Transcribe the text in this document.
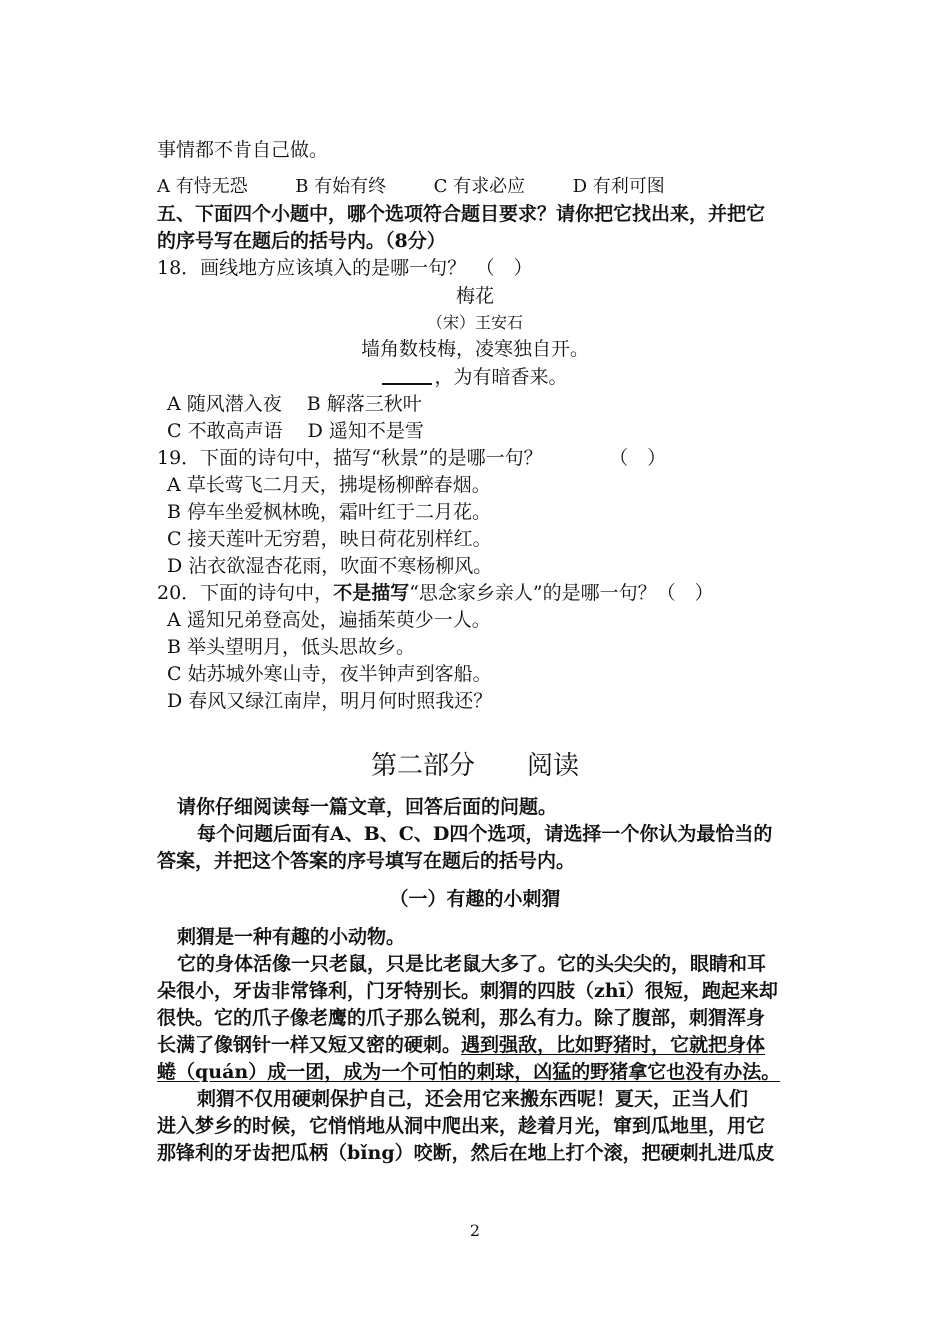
事情都不肯自己做。
A 有恃无恐	B 有始有终	C 有求必应	D 有利可图
五、下面四个小题中，哪个选项符合题目要求？请你把它找出来，并把它
的序号写在题后的括号内。（8分）
18．画线地方应该填入的是哪一句？　（　）
梅花
（宋）王安石
墙角数枝梅，凌寒独自开。
，为有暗香来。
A 随风潜入夜　 B 解落三秋叶
C 不敢高声语　 D 遥知不是雪
19．下面的诗句中，描写“秋景”的是哪一句？　　　　（　）
A 草长莺飞二月天，拂堤杨柳醉春烟。
B 停车坐爱枫林晚，霜叶红于二月花。
C 接天莲叶无穷碧，映日荷花别样红。
D 沾衣欲湿杏花雨，吹面不寒杨柳风。
20．下面的诗句中，不是描写“思念家乡亲人”的是哪一句？（　）
A 遥知兄弟登高处，遍插茱萸少一人。
B 举头望明月，低头思故乡。
C 姑苏城外寒山寺，夜半钟声到客船。
D 春风又绿江南岸，明月何时照我还？
第二部分　　阅读
请你仔细阅读每一篇文章，回答后面的问题。
每个问题后面有A、B、C、D四个选项，请选择一个你认为最恰当的
答案，并把这个答案的序号填写在题后的括号内。
（一）有趣的小刺猬
刺猬是一种有趣的小动物。
它的身体活像一只老鼠，只是比老鼠大多了。它的头尖尖的，眼睛和耳
朵很小，牙齿非常锋利，门牙特别长。刺猬的四肢（zhī）很短，跑起来却
很快。它的爪子像老鹰的爪子那么锐利，那么有力。除了腹部，刺猬浑身
长满了像钢针一样又短又密的硬刺。遇到强敌，比如野猪时，它就把身体
蜷（quán）成一团，成为一个可怕的刺球，凶猛的野猪拿它也没有办法。
刺猬不仅用硬刺保护自己，还会用它来搬东西呢！夏天，正当人们
进入梦乡的时候，它悄悄地从洞中爬出来，趁着月光，窜到瓜地里，用它
那锋利的牙齿把瓜柄（bǐng）咬断，然后在地上打个滚，把硬刺扎进瓜皮
2
